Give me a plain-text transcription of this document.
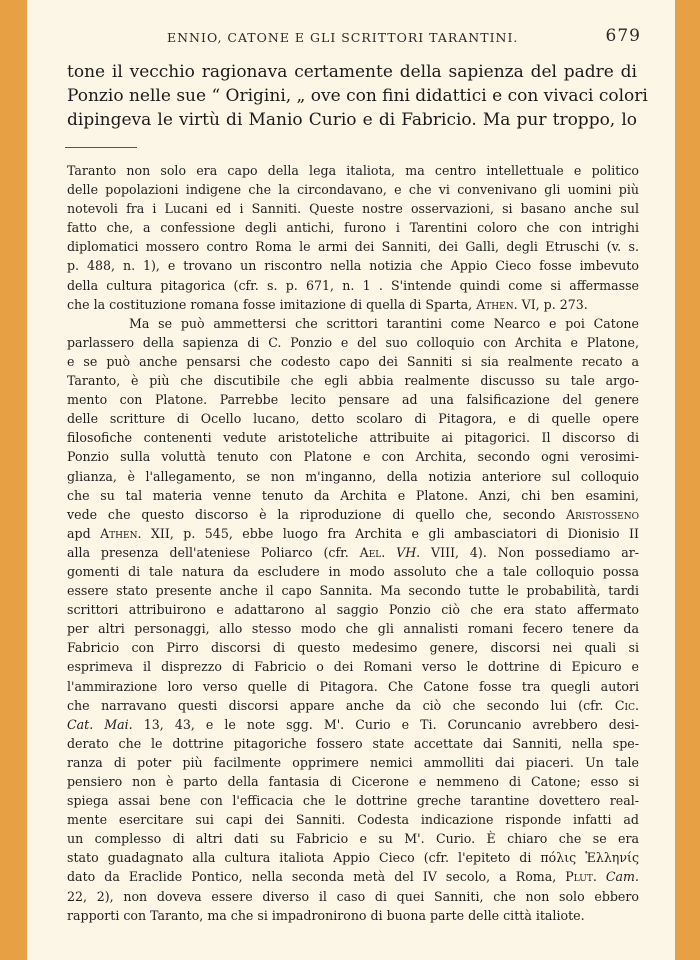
ENNIO, CATONE E GLI SCRITTORI TARANTINI.	679
tone il vecchio ragionava certamente della sapienza del padre di
Ponzio nelle sue “ Origini, „ ove con fini didattici e con vivaci colori
dipingeva le virtù di Manio Curio e di Fabricio. Ma pur troppo, lo
Taranto non solo era capo della lega italiota, ma centro intellettuale e politico
delle popolazioni indigene che la circondavano, e che vi convenivano gli uomini più
notevoli fra i Lucani ed i Sanniti. Queste nostre osservazioni, si basano anche sul
fatto che, a confessione degli antichi, furono i Tarentini coloro che con intrighi
diplomatici mossero contro Roma le armi dei Sanniti, dei Galli, degli Etruschi (v. s.
p. 488, n. 1), e trovano un riscontro nella notizia che Appio Cieco fosse imbevuto
della cultura pitagorica (cfr. s. p. 671, n. 1 . S'intende quindi come si affermasse
che la costituzione romana fosse imitazione di quella di Sparta, Athen. VI, p. 273.
Ma se può ammettersi che scrittori tarantini come Nearco e poi Catone
parlassero della sapienza di C. Ponzio e del suo colloquio con Archita e Platone,
e se può anche pensarsi che codesto capo dei Sanniti si sia realmente recato a
Taranto, è più che discutibile che egli abbia realmente discusso su tale argo-
mento con Platone. Parrebbe lecito pensare ad una falsificazione del genere
delle scritture di Ocello lucano, detto scolaro di Pitagora, e di quelle opere
filosofiche contenenti vedute aristoteliche attribuite ai pitagorici. Il discorso di
Ponzio sulla voluttà tenuto con Platone e con Archita, secondo ogni verosimi-
glianza, è l'allegamento, se non m'inganno, della notizia anteriore sul colloquio
che su tal materia venne tenuto da Archita e Platone. Anzi, chi ben esamini,
vede che questo discorso è la riproduzione di quello che, secondo Aristosseno
apd Athen. XII, p. 545, ebbe luogo fra Archita e gli ambasciatori di Dionisio II
alla presenza dell'ateniese Poliarco (cfr. Ael. VH. VIII, 4). Non possediamo ar-
gomenti di tale natura da escludere in modo assoluto che a tale colloquio possa
essere stato presente anche il capo Sannita. Ma secondo tutte le probabilità, tardi
scrittori attribuirono e adattarono al saggio Ponzio ciò che era stato affermato
per altri personaggi, allo stesso modo che gli annalisti romani fecero tenere da
Fabricio con Pirro discorsi di questo medesimo genere, discorsi nei quali si
esprimeva il disprezzo di Fabricio o dei Romani verso le dottrine di Epicuro e
l'ammirazione loro verso quelle di Pitagora. Che Catone fosse tra quegli autori
che narravano questi discorsi appare anche da ciò che secondo lui (cfr. Cic.
Cat. Mai. 13, 43, e le note sgg. M'. Curio e Ti. Coruncanio avrebbero desi-
derato che le dottrine pitagoriche fossero state accettate dai Sanniti, nella spe-
ranza di poter più facilmente opprimere nemici ammolliti dai piaceri. Un tale
pensiero non è parto della fantasia di Cicerone e nemmeno di Catone; esso si
spiega assai bene con l'efficacia che le dottrine greche tarantine dovettero real-
mente esercitare sui capi dei Sanniti. Codesta indicazione risponde infatti ad
un complesso di altri dati su Fabricio e su M'. Curio. È chiaro che se era
stato guadagnato alla cultura italiota Appio Cieco (cfr. l'epiteto di πόλις Ἑλληνίς
dato da Eraclide Pontico, nella seconda metà del IV secolo, a Roma, Plut. Cam.
22, 2), non doveva essere diverso il caso di quei Sanniti, che non solo ebbero
rapporti con Taranto, ma che si impadronirono di buona parte delle città italiote.
